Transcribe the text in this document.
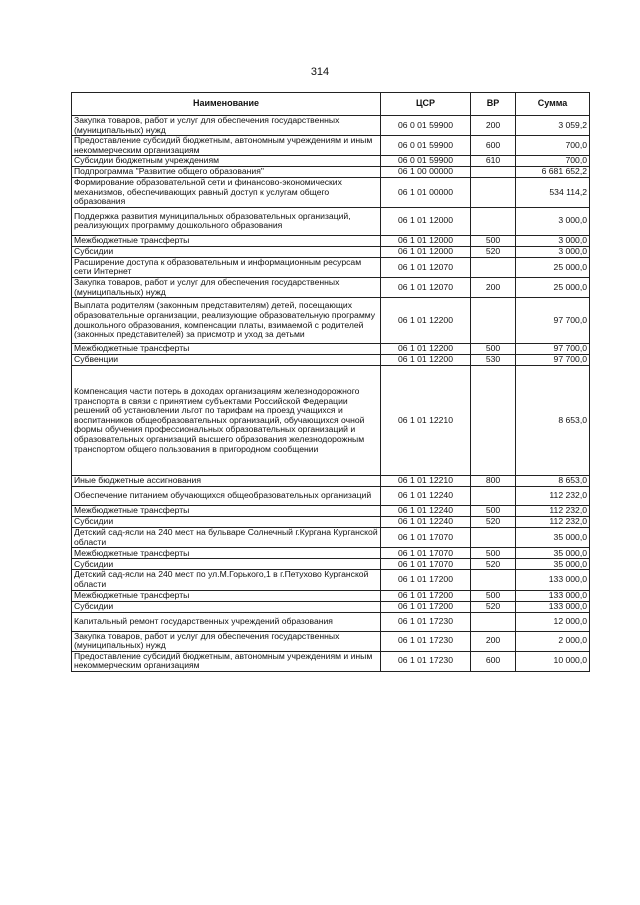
314
Наименование	ЦСР	ВР	Сумма
Закупка товаров, работ и услуг для обеспечения государственных (муниципальных) нужд	06 0 01 59900	200	3 059,2
Предоставление субсидий бюджетным, автономным учреждениям и иным некоммерческим организациям	06 0 01 59900	600	700,0
Субсидии бюджетным учреждениям	06 0 01 59900	610	700,0
Подпрограмма "Развитие общего образования"	06 1 00 00000		6 681 652,2
Формирование образовательной сети и финансово-экономических механизмов, обеспечивающих равный доступ к услугам общего образования	06 1 01 00000		534 114,2
Поддержка развития муниципальных образовательных организаций, реализующих программу дошкольного образования	06 1 01 12000		3 000,0
Межбюджетные трансферты	06 1 01 12000	500	3 000,0
Субсидии	06 1 01 12000	520	3 000,0
Расширение доступа к образовательным и информационным ресурсам сети Интернет	06 1 01 12070		25 000,0
Закупка товаров, работ и услуг для обеспечения государственных (муниципальных) нужд	06 1 01 12070	200	25 000,0
Выплата родителям (законным представителям) детей, посещающих образовательные организации, реализующие образовательную программу дошкольного образования, компенсации платы, взимаемой с родителей (законных представителей) за присмотр и уход за детьми	06 1 01 12200		97 700,0
Межбюджетные трансферты	06 1 01 12200	500	97 700,0
Субвенции	06 1 01 12200	530	97 700,0
Компенсация части потерь в доходах организациям железнодорожного транспорта в связи с принятием субъектами Российской Федерации решений об установлении льгот по тарифам на проезд учащихся и воспитанников общеобразовательных организаций, обучающихся очной формы обучения профессиональных образовательных организаций и образовательных организаций высшего образования железнодорожным транспортом общего пользования в пригородном сообщении	06 1 01 12210		8 653,0
Иные бюджетные ассигнования	06 1 01 12210	800	8 653,0
Обеспечение питанием обучающихся общеобразовательных организаций	06 1 01 12240		112 232,0
Межбюджетные трансферты	06 1 01 12240	500	112 232,0
Субсидии	06 1 01 12240	520	112 232,0
Детский сад-ясли на 240 мест на бульваре Солнечный г.Кургана Курганской области	06 1 01 17070		35 000,0
Межбюджетные трансферты	06 1 01 17070	500	35 000,0
Субсидии	06 1 01 17070	520	35 000,0
Детский сад-ясли на 240 мест по ул.М.Горького,1 в г.Петухово Курганской области	06 1 01 17200		133 000,0
Межбюджетные трансферты	06 1 01 17200	500	133 000,0
Субсидии	06 1 01 17200	520	133 000,0
Капитальный ремонт государственных учреждений образования	06 1 01 17230		12 000,0
Закупка товаров, работ и услуг для обеспечения государственных (муниципальных) нужд	06 1 01 17230	200	2 000,0
Предоставление субсидий бюджетным, автономным учреждениям и иным некоммерческим организациям	06 1 01 17230	600	10 000,0
